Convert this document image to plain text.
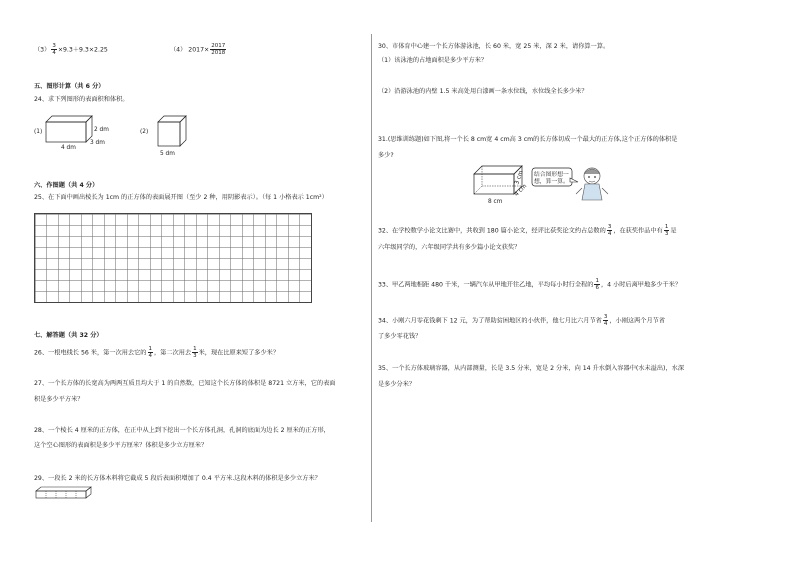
$(3) \frac{3}{4} \times 9.3+9.3\times 2.25$	（4） $2017\times \frac{2017}{2018}$
五、图形计算（共 6 分）
24、求下列图形的表面积和体积。
(1)
4 dm
2 dm
3 dm
(2)
5 dm
六、作图题（共 4 分）
25、在下面中画出棱长为 1cm 的正方体的表面展开图（至少 2 种，用阴影表示）。（每 1 小格表示 1cm²）
七、解答题（共 32 分）
26、一根电线长 56 米，第一次用去它的 $\frac{1}{4}$ ，第二次用去 $\frac{1}{3}$ 米，现在比原来短了多少米？
27、一个长方体的长宽高为两两互质且均大于 1 的自然数，已知这个长方体的体积是 8721 立方米，它的表面
积是多少平方米？
28、一个棱长 4 厘米的正方体，在正中从上到下挖出一个长方体孔洞，孔洞的底面为边长 2 厘米的正方形，
这个空心图形的表面积是多少平方厘米？体积是多少立方厘米？
29、一段长 2 米的长方体木料将它截成 5 段后表面积增加了 0.4 平方米.这段木料的体积是多少立方米？
30、市体育中心建一个长方体游泳池，长 60 米，宽 25 米，深 2 米，请你算一算。
（1）该泳池的占地面积是多少平方米？
（2）沿游泳池的内壁 1.5 米高处用白漆画一条水位线，水位线全长多少米？
31.(思维训练题)如下图,将一个长 8 cm宽 4 cm高 3 cm的长方体切成一个最大的正方体,这个正方体的体积是
多少?
8 cm
3 cm
4 cm
结合图形想一
想，算一算。
32、在学校数学小论文比赛中，共收到 180 篇小论文，经评比获奖论文约占总数的 $\frac{3}{4}$ ，在获奖作品中有 $\frac{1}{3}$ 是
六年级同学的，六年级同学共有多少篇小论文获奖？
33、甲乙两地相距 480 千米，一辆汽车从甲地开往乙地，平均每小时行全程的 $\frac{1}{6}$ ，4 小时后离甲地多少千米？
34、小刚六月零花钱剩下 12 元，为了帮助贫困地区的小伙伴，他七月比六月节省 $\frac{3}{4}$ ，小刚这两个月节省
了多少零花钱？
35、一个长方体玻璃容器，从内部测量，长是 3.5 分米，宽是 2 分米，向 14 升水倒入容器中(水未溢出)，水深
是多少分米？
